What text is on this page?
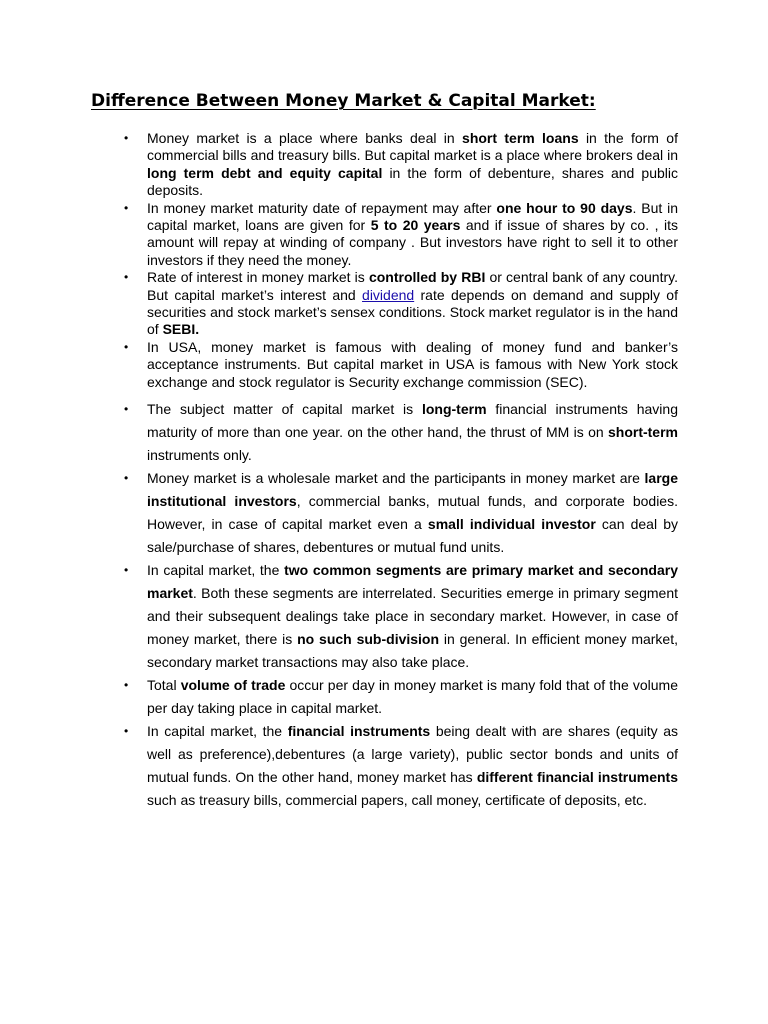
Difference Between Money Market & Capital Market:
•
Money market is a place where banks deal in short term loans in the form of commercial bills and treasury bills. But capital market is a place where brokers deal in long term debt and equity capital in the form of debenture, shares and public deposits.
•
In money market maturity date of repayment may after one hour to 90 days. But in capital market, loans are given for 5 to 20 years and if issue of shares by co. , its amount will repay at winding of company . But investors have right to sell it to other investors if they need the money.
•
Rate of interest in money market is controlled by RBI or central bank of any country. But capital market’s interest and dividend rate depends on demand and supply of securities and stock market’s sensex conditions. Stock market regulator is in the hand of SEBI.
•
In USA, money market is famous with dealing of money fund and banker’s acceptance instruments. But capital market in USA is famous with New York stock exchange and stock regulator is Security exchange commission (SEC).
•
The subject matter of capital market is long-term financial instruments having maturity of more than one year. on the other hand, the thrust of MM is on short-term instruments only.
•
Money market is a wholesale market and the participants in money market are large institutional investors, commercial banks, mutual funds, and corporate bodies. However, in case of capital market even a small individual investor can deal by sale/purchase of shares, debentures or mutual fund units.
•
In capital market, the two common segments are primary market and secondary market. Both these segments are interrelated. Securities emerge in primary segment and their subsequent dealings take place in secondary market. However, in case of money market, there is no such sub-division in general. In efficient money market, secondary market transactions may also take place.
•
Total volume of trade occur per day in money market is many fold that of the volume per day taking place in capital market.
•
In capital market, the financial instruments being dealt with are shares (equity as well as preference),debentures (a large variety), public sector bonds and units of mutual funds. On the other hand, money market has different financial instruments such as treasury bills, commercial papers, call money, certificate of deposits, etc.
